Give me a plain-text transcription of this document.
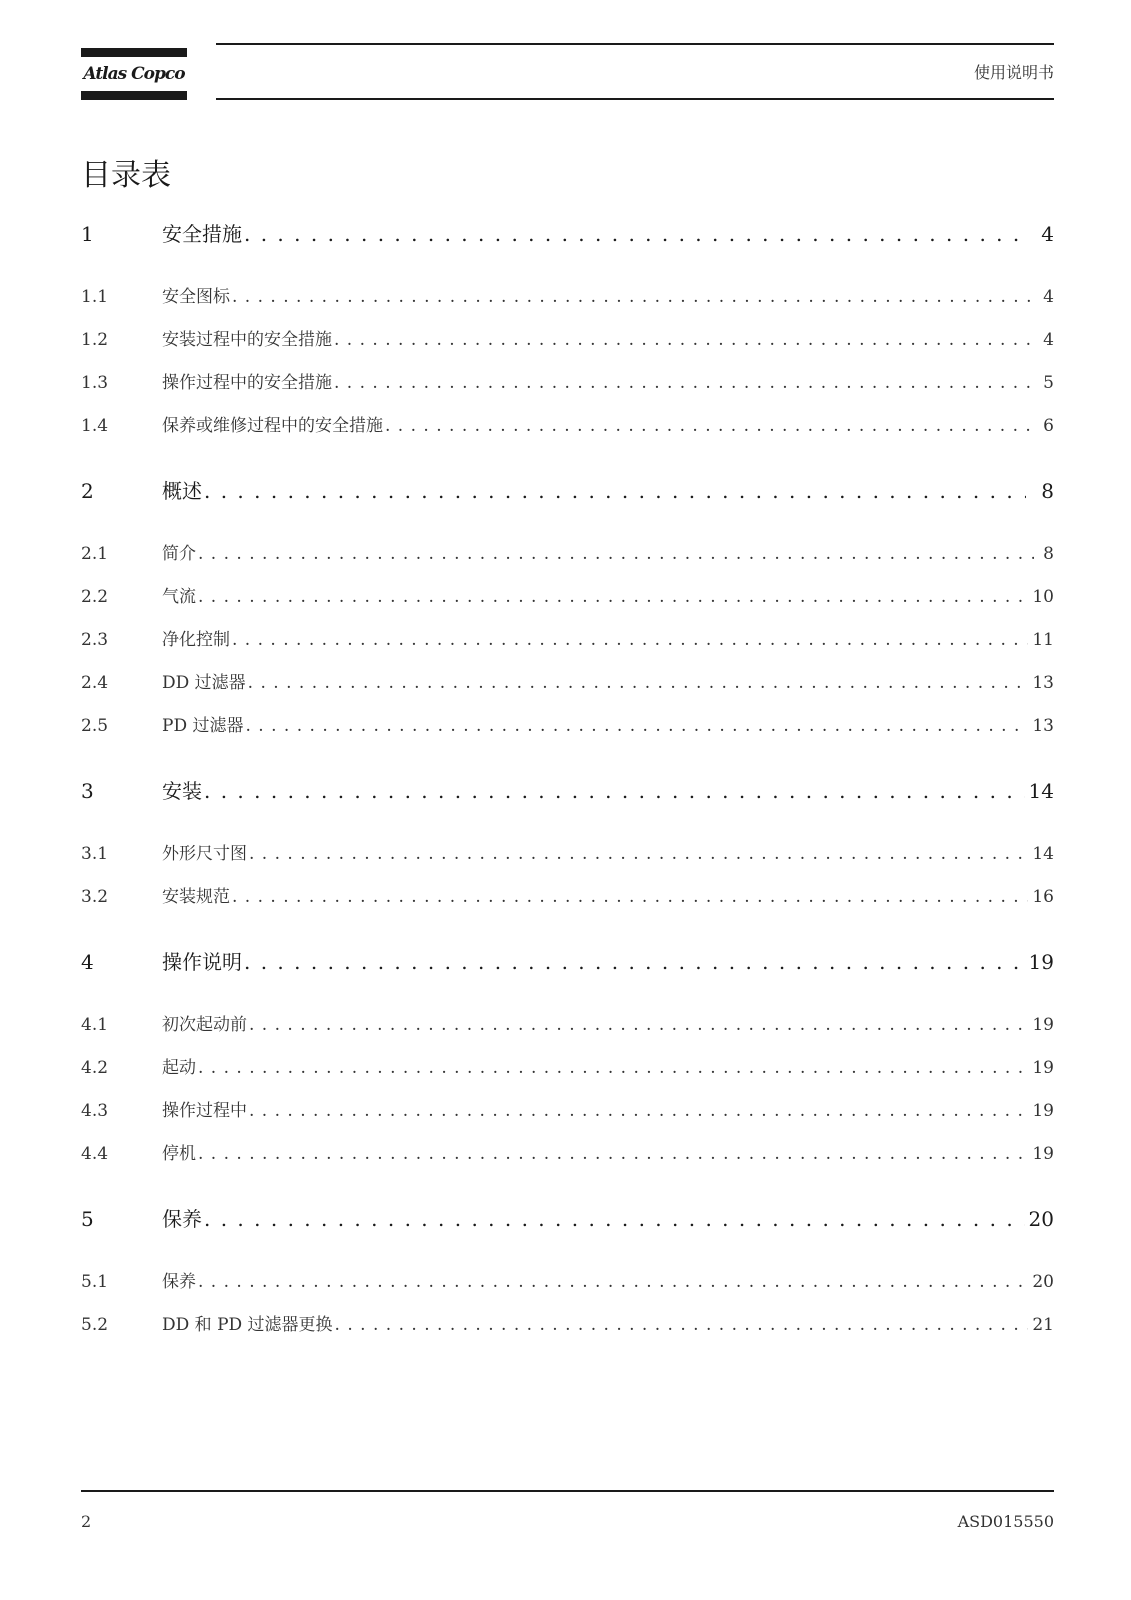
Atlas Copco	使用说明书
目录表
1	安全措施 . . .	4
1.1	安全图标 . . .	4
1.2	安装过程中的安全措施 . . .	4
1.3	操作过程中的安全措施 . . .	5
1.4	保养或维修过程中的安全措施 . . .	6
2	概述 . . .	8
2.1	简介 . . .	8
2.2	气流 . . .	10
2.3	净化控制 . . .	11
2.4	DD 过滤器 . . .	13
2.5	PD 过滤器 . . .	13
3	安装 . . .	14
3.1	外形尺寸图 . . .	14
3.2	安装规范 . . .	16
4	操作说明 . . .	19
4.1	初次起动前 . . .	19
4.2	起动 . . .	19
4.3	操作过程中 . . .	19
4.4	停机 . . .	19
5	保养 . . .	20
5.1	保养 . . .	20
5.2	DD 和 PD 过滤器更换 . . .	21
2	ASD015550
